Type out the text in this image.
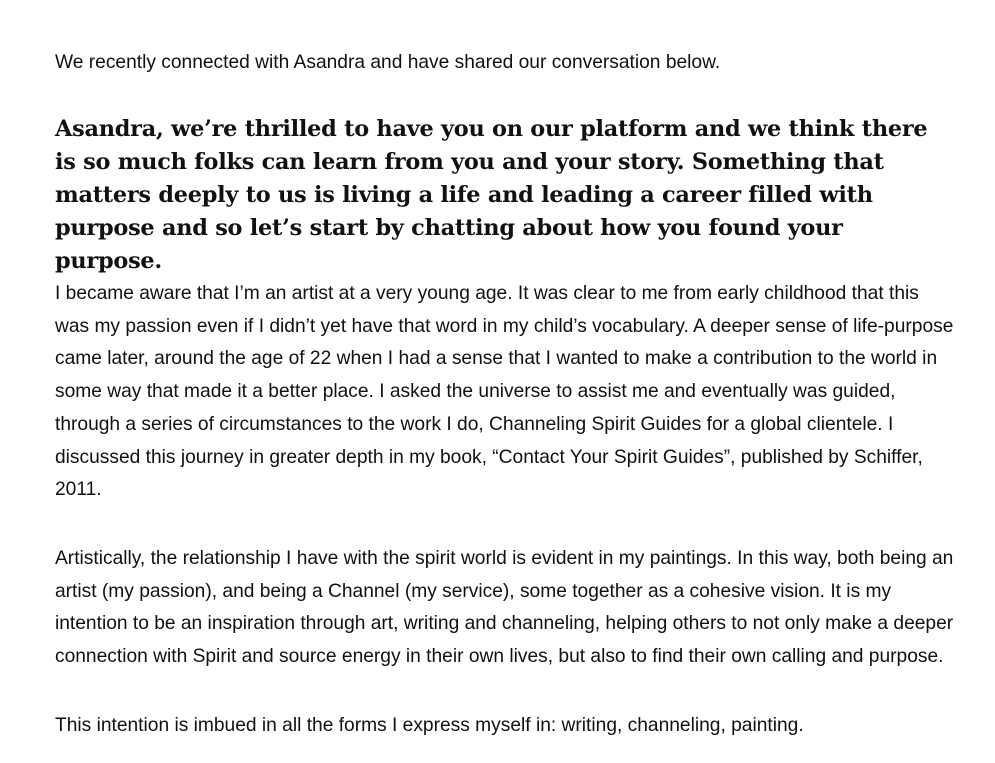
We recently connected with Asandra and have shared our conversation below.

Asandra, we’re thrilled to have you on our platform and we think there is so much folks can learn from you and your story. Something that matters deeply to us is living a life and leading a career filled with purpose and so let’s start by chatting about how you found your purpose.

I became aware that I’m an artist at a very young age. It was clear to me from early childhood that this was my passion even if I didn’t yet have that word in my child’s vocabulary. A deeper sense of life-purpose came later, around the age of 22 when I had a sense that I wanted to make a contribution to the world in some way that made it a better place. I asked the universe to assist me and eventually was guided, through a series of circumstances to the work I do, Channeling Spirit Guides for a global clientele. I discussed this journey in greater depth in my book, “Contact Your Spirit Guides”, published by Schiffer, 2011.

Artistically, the relationship I have with the spirit world is evident in my paintings. In this way, both being an artist (my passion), and being a Channel (my service), some together as a cohesive vision. It is my intention to be an inspiration through art, writing and channeling, helping others to not only make a deeper connection with Spirit and source energy in their own lives, but also to find their own calling and purpose.

This intention is imbued in all the forms I express myself in: writing, channeling, painting.
